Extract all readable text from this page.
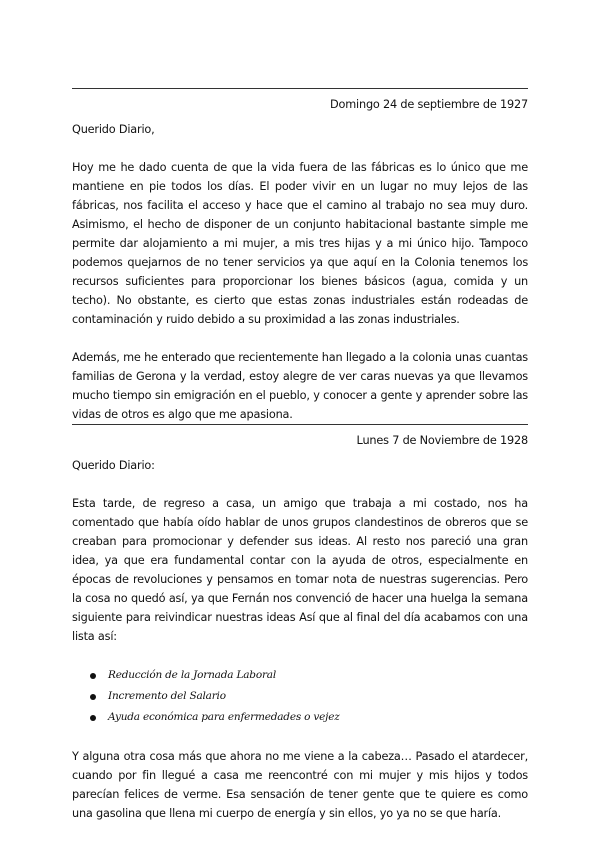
Domingo 24 de septiembre de 1927
Querido Diario,

Hoy me he dado cuenta de que la vida fuera de las fábricas es lo único que me mantiene en pie todos los días. El poder vivir en un lugar no muy lejos de las fábricas, nos facilita el acceso y hace que el camino al trabajo no sea muy duro. Asimismo, el hecho de disponer de un conjunto habitacional bastante simple me permite dar alojamiento a mi mujer, a mis tres hijas y a mi único hijo. Tampoco podemos quejarnos de no tener servicios ya que aquí en la Colonia tenemos los recursos suficientes para proporcionar los bienes básicos (agua, comida y un techo). No obstante, es cierto que estas zonas industriales están rodeadas de contaminación y ruido debido a su proximidad a las zonas industriales.

Además, me he enterado que recientemente han llegado a la colonia unas cuantas familias de Gerona y la verdad, estoy alegre de ver caras nuevas ya que llevamos mucho tiempo sin emigración en el pueblo, y conocer a gente y aprender sobre las vidas de otros es algo que me apasiona.

Lunes 7 de Noviembre de 1928
Querido Diario:

Esta tarde, de regreso a casa, un amigo que trabaja a mi costado, nos ha comentado que había oído hablar de unos grupos clandestinos de obreros que se creaban para promocionar y defender sus ideas. Al resto nos pareció una gran idea, ya que era fundamental contar con la ayuda de otros, especialmente en épocas de revoluciones y pensamos en tomar nota de nuestras sugerencias. Pero la cosa no quedó así, ya que Fernán nos convenció de hacer una huelga la semana siguiente para reivindicar nuestras ideas Así que al final del día acabamos con una lista así:

Reducción de la Jornada Laboral
Incremento del Salario
Ayuda económica para enfermedades o vejez

Y alguna otra cosa más que ahora no me viene a la cabeza… Pasado el atardecer, cuando por fin llegué a casa me reencontré con mi mujer y mis hijos y todos parecían felices de verme. Esa sensación de tener gente que te quiere es como una gasolina que llena mi cuerpo de energía y sin ellos, yo ya no se que haría.
